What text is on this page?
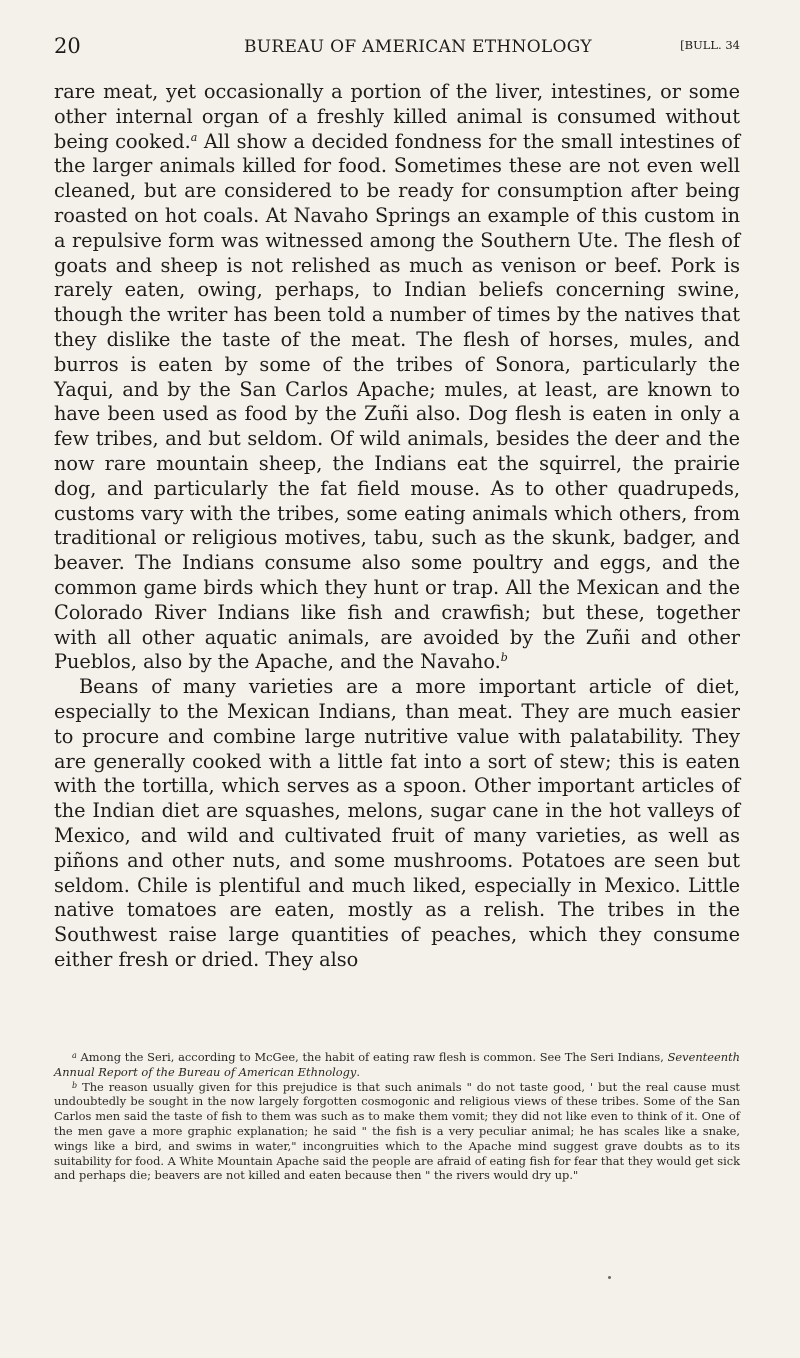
20	BUREAU OF AMERICAN ETHNOLOGY	[BULL. 34

rare meat, yet occasionally a portion of the liver, intestines, or some other internal organ of a freshly killed animal is consumed without being cooked.$^a$ All show a decided fondness for the small intestines of the larger animals killed for food. Sometimes these are not even well cleaned, but are considered to be ready for consumption after being roasted on hot coals. At Navaho Springs an example of this custom in a repulsive form was witnessed among the Southern Ute. The flesh of goats and sheep is not relished as much as venison or beef. Pork is rarely eaten, owing, perhaps, to Indian beliefs concerning swine, though the writer has been told a number of times by the natives that they dislike the taste of the meat. The flesh of horses, mules, and burros is eaten by some of the tribes of Sonora, particularly the Yaqui, and by the San Carlos Apache; mules, at least, are known to have been used as food by the Zuñi also. Dog flesh is eaten in only a few tribes, and but seldom. Of wild animals, besides the deer and the now rare mountain sheep, the Indians eat the squirrel, the prairie dog, and particularly the fat field mouse. As to other quadrupeds, customs vary with the tribes, some eating animals which others, from traditional or religious motives, tabu, such as the skunk, badger, and beaver. The Indians consume also some poultry and eggs, and the common game birds which they hunt or trap. All the Mexican and the Colorado River Indians like fish and crawfish; but these, together with all other aquatic animals, are avoided by the Zuñi and other Pueblos, also by the Apache, and the Navaho.$^b$

Beans of many varieties are a more important article of diet, especially to the Mexican Indians, than meat. They are much easier to procure and combine large nutritive value with palatability. They are generally cooked with a little fat into a sort of stew; this is eaten with the tortilla, which serves as a spoon. Other important articles of the Indian diet are squashes, melons, sugar cane in the hot valleys of Mexico, and wild and cultivated fruit of many varieties, as well as piñons and other nuts, and some mushrooms. Potatoes are seen but seldom. Chile is plentiful and much liked, especially in Mexico. Little native tomatoes are eaten, mostly as a relish. The tribes in the Southwest raise large quantities of peaches, which they consume either fresh or dried. They also

$^a$ Among the Seri, according to McGee, the habit of eating raw flesh is common. See The Seri Indians, Seventeenth Annual Report of the Bureau of American Ethnology.

$^b$ The reason usually given for this prejudice is that such animals " do not taste good, ' but the real cause must undoubtedly be sought in the now largely forgotten cosmogonic and religious views of these tribes. Some of the San Carlos men said the taste of fish to them was such as to make them vomit; they did not like even to think of it. One of the men gave a more graphic explanation; he said " the fish is a very peculiar animal; he has scales like a snake, wings like a bird, and swims in water," incongruities which to the Apache mind suggest grave doubts as to its suitability for food. A White Mountain Apache said the people are afraid of eating fish for fear that they would get sick and perhaps die; beavers are not killed and eaten because then " the rivers would dry up."
